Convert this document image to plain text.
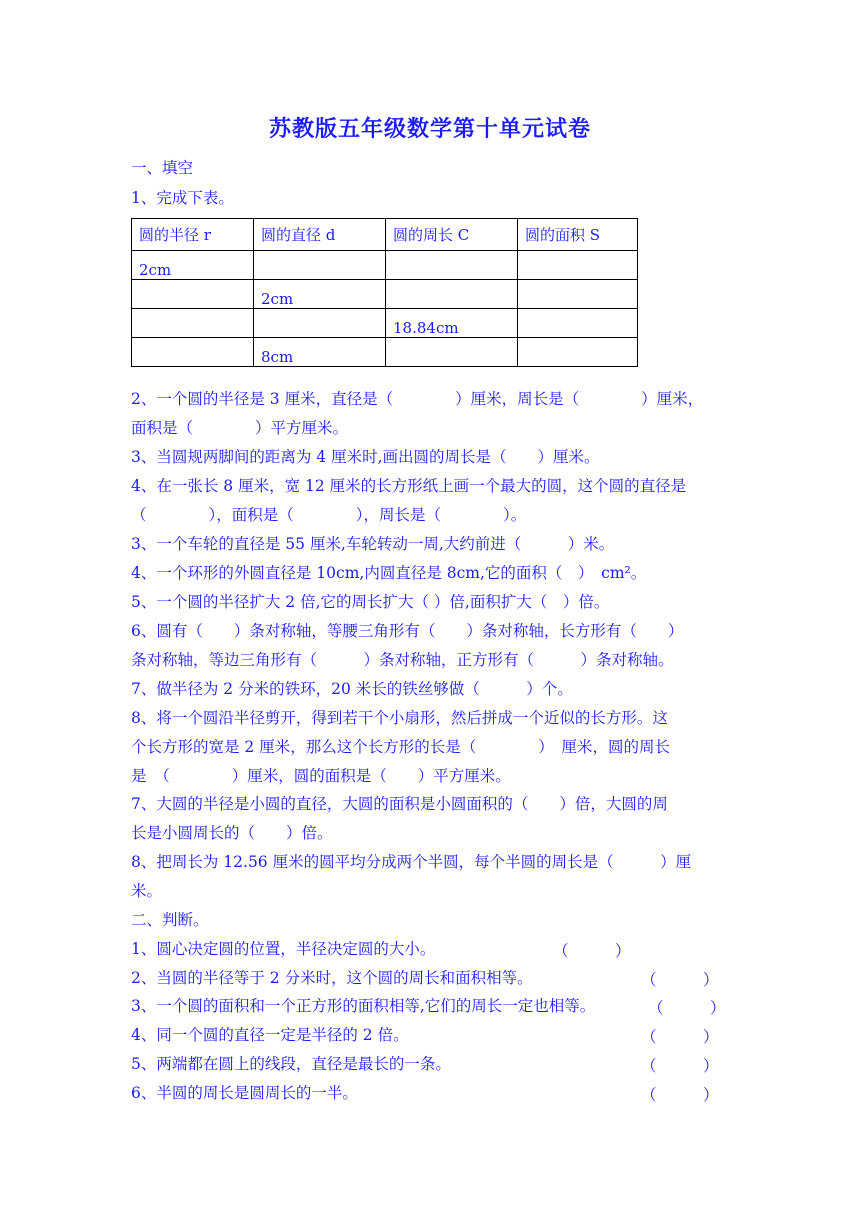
苏教版五年级数学第十单元试卷
一、填空
1、完成下表。
圆的半径 r	圆的直径 d	圆的周长 C	圆的面积 S
2cm			
	2cm		
		18.84cm	
	8cm		
2、一个圆的半径是 3 厘米，直径是（　　　　）厘米，周长是（　　　　）厘米，
面积是（　　　　）平方厘米。
3、当圆规两脚间的距离为 4 厘米时,画出圆的周长是（　　）厘米。
4、在一张长 8 厘米，宽 12 厘米的长方形纸上画一个最大的圆，这个圆的直径是
（　　　　），面积是（　　　　），周长是（　　　　）。
3、一个车轮的直径是 55 厘米,车轮转动一周,大约前进（　　　）米。
4、一个环形的外圆直径是 10cm,内圆直径是 8cm,它的面积（　）　cm²。
5、一个圆的半径扩大 2 倍,它的周长扩大（ ）倍,面积扩大（　）倍。
6、圆有（　　）条对称轴，等腰三角形有（　　）条对称轴，长方形有（　　）
条对称轴，等边三角形有（　　　）条对称轴，正方形有（　　　）条对称轴。
7、做半径为 2 分米的铁环，20 米长的铁丝够做（　　　）个。
8、将一个圆沿半径剪开，得到若干个小扇形，然后拼成一个近似的长方形。这
个长方形的宽是 2 厘米，那么这个长方形的长是（　　　　）　厘米，圆的周长
是　（　　　　）厘米，圆的面积是（　　）平方厘米。
7、大圆的半径是小圆的直径，大圆的面积是小圆面积的（　　）倍，大圆的周
长是小圆周长的（　　）倍。
8、把周长为 12.56 厘米的圆平均分成两个半圆，每个半圆的周长是（　　　）厘
米。
二、判断。
1、圆心决定圆的位置，半径决定圆的大小。	（　　　）
2、当圆的半径等于 2 分米时，这个圆的周长和面积相等。	（　　　）
3、一个圆的面积和一个正方形的面积相等,它们的周长一定也相等。	（　　　）
4、同一个圆的直径一定是半径的 2 倍。	（　　　）
5、两端都在圆上的线段，直径是最长的一条。	（　　　）
6、半圆的周长是圆周长的一半。	（　　　）
